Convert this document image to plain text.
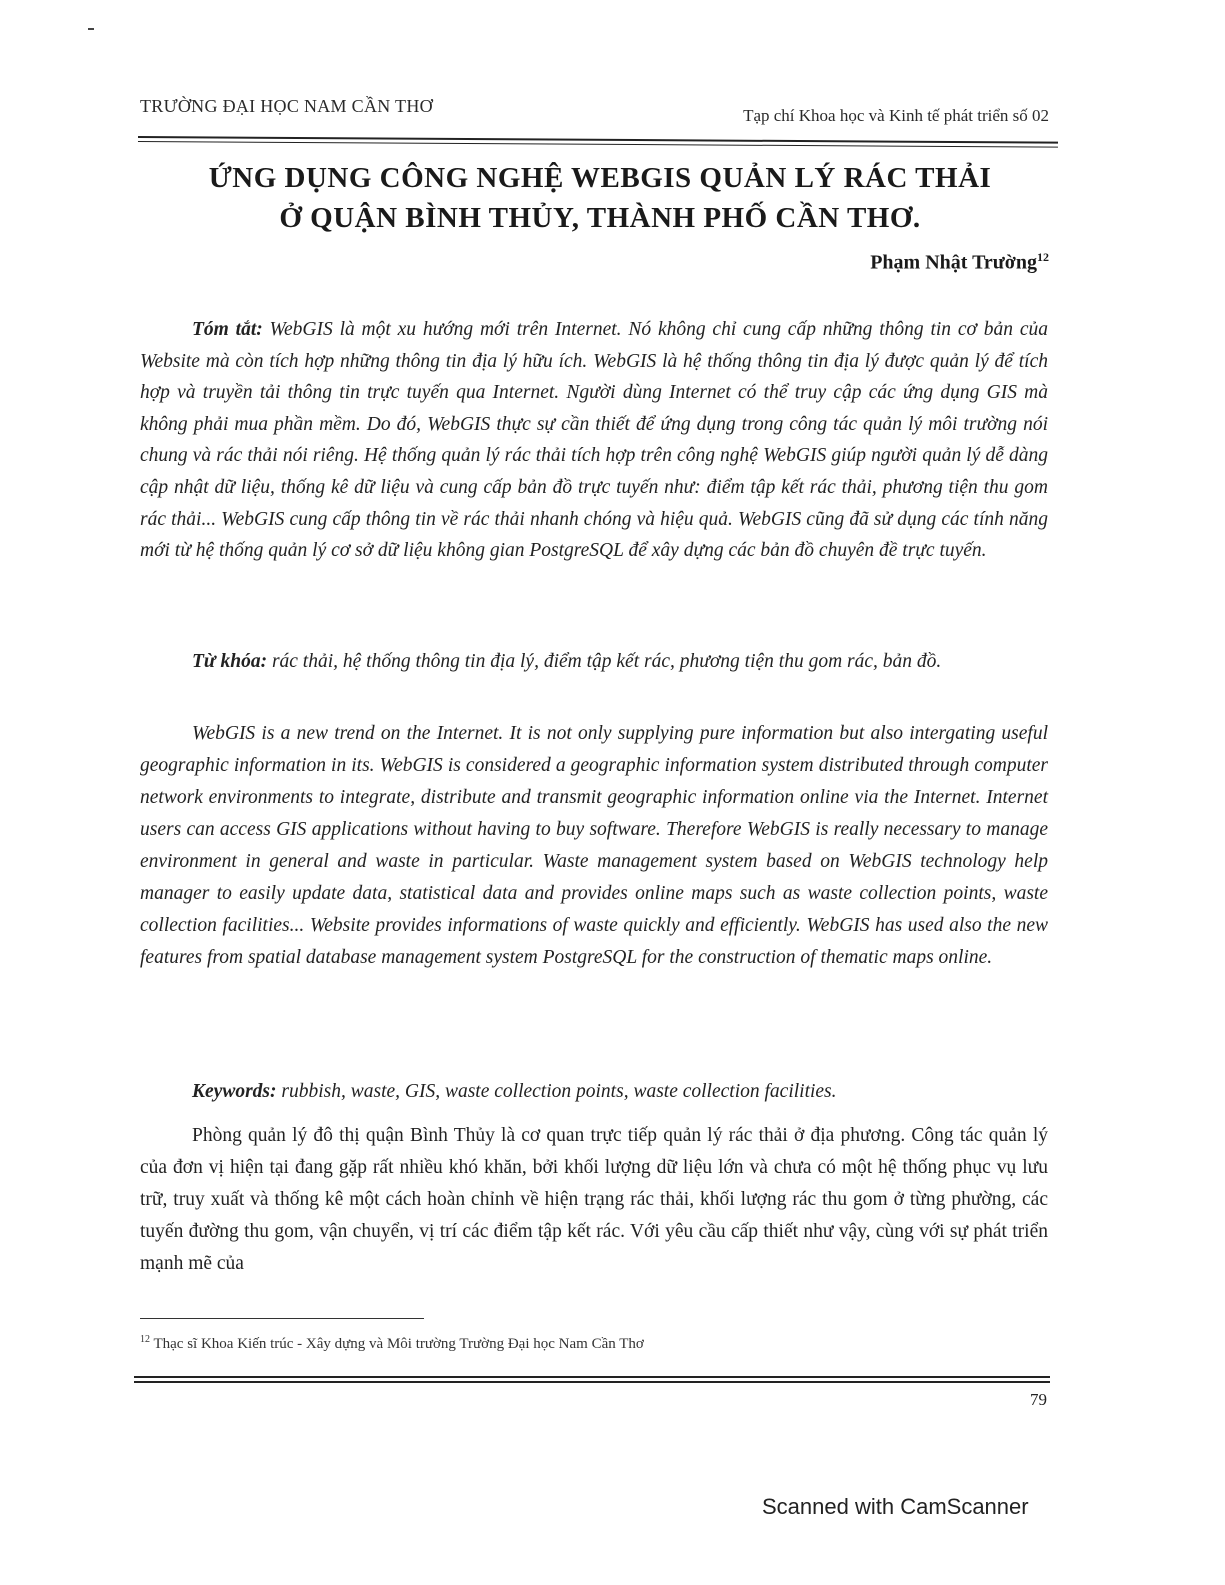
TRƯỜNG ĐẠI HỌC NAM CẦN THƠ	Tạp chí Khoa học và Kinh tế phát triển số 02
ỨNG DỤNG CÔNG NGHỆ WEBGIS QUẢN LÝ RÁC THẢI
Ở QUẬN BÌNH THỦY, THÀNH PHỐ CẦN THƠ.
Phạm Nhật Trường$^{12}$
Tóm tắt: WebGIS là một xu hướng mới trên Internet. Nó không chỉ cung cấp những thông tin cơ bản của Website mà còn tích hợp những thông tin địa lý hữu ích. WebGIS là hệ thống thông tin địa lý được quản lý để tích hợp và truyền tải thông tin trực tuyến qua Internet. Người dùng Internet có thể truy cập các ứng dụng GIS mà không phải mua phần mềm. Do đó, WebGIS thực sự cần thiết để ứng dụng trong công tác quản lý môi trường nói chung và rác thải nói riêng. Hệ thống quản lý rác thải tích hợp trên công nghệ WebGIS giúp người quản lý dễ dàng cập nhật dữ liệu, thống kê dữ liệu và cung cấp bản đồ trực tuyến như: điểm tập kết rác thải, phương tiện thu gom rác thải... WebGIS cung cấp thông tin về rác thải nhanh chóng và hiệu quả. WebGIS cũng đã sử dụng các tính năng mới từ hệ thống quản lý cơ sở dữ liệu không gian PostgreSQL để xây dựng các bản đồ chuyên đề trực tuyến.
Từ khóa: rác thải, hệ thống thông tin địa lý, điểm tập kết rác, phương tiện thu gom rác, bản đồ.
WebGIS is a new trend on the Internet. It is not only supplying pure information but also intergating useful geographic information in its. WebGIS is considered a geographic information system distributed through computer network environments to integrate, distribute and transmit geographic information online via the Internet. Internet users can access GIS applications without having to buy software. Therefore WebGIS is really necessary to manage environment in general and waste in particular. Waste management system based on WebGIS technology help manager to easily update data, statistical data and provides online maps such as waste collection points, waste collection facilities... Website provides informations of waste quickly and efficiently. WebGIS has used also the new features from spatial database management system PostgreSQL for the construction of thematic maps online.
Keywords: rubbish, waste, GIS, waste collection points, waste collection facilities.
Phòng quản lý đô thị quận Bình Thủy là cơ quan trực tiếp quản lý rác thải ở địa phương. Công tác quản lý của đơn vị hiện tại đang gặp rất nhiều khó khăn, bởi khối lượng dữ liệu lớn và chưa có một hệ thống phục vụ lưu trữ, truy xuất và thống kê một cách hoàn chỉnh về hiện trạng rác thải, khối lượng rác thu gom ở từng phường, các tuyến đường thu gom, vận chuyển, vị trí các điểm tập kết rác. Với yêu cầu cấp thiết như vậy, cùng với sự phát triển mạnh mẽ của
$^{12}$ Thạc sĩ Khoa Kiến trúc - Xây dựng và Môi trường Trường Đại học Nam Cần Thơ
79
Scanned with CamScanner
